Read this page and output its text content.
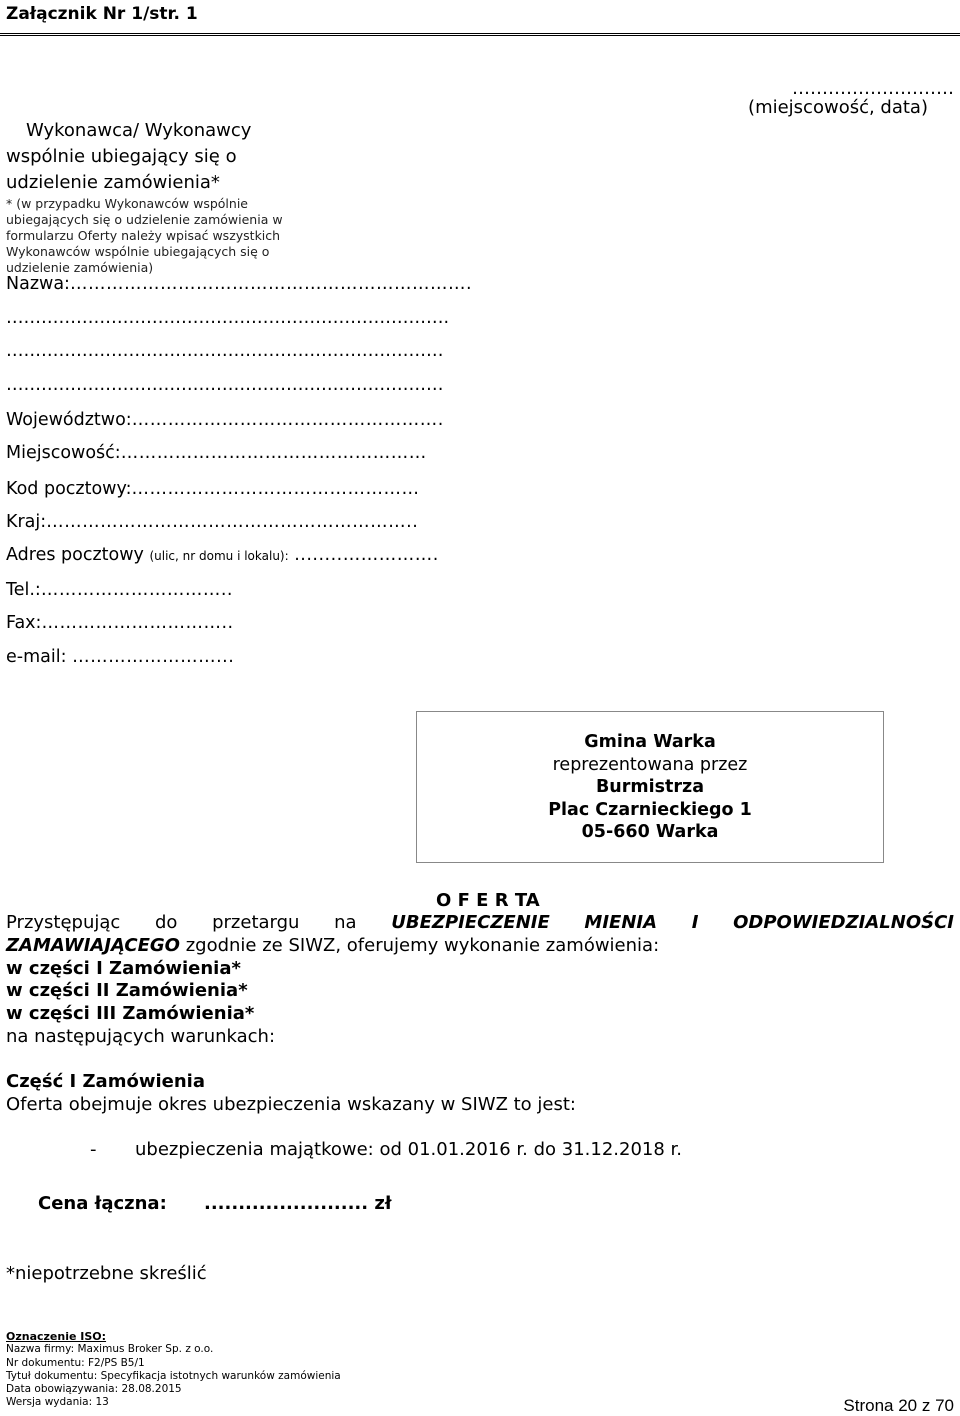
Załącznik Nr 1/str. 1

Wykonawca/ Wykonawcy wspólnie ubiegający się o udzielenie zamówienia*

* (w przypadku Wykonawców wspólnie ubiegających się o udzielenie zamówienia w formularzu Oferty należy wpisać wszystkich Wykonawców wspólnie ubiegających się o udzielenie zamówienia)

………………………
(miejscowość, data)
Nazwa:………………………………………………………….
………………………………………………………………….
…………………………………………………………………
…………………………………………………………………
Województwo:…………………………………………….
Miejscowość:……………………………………………
Kod pocztowy:…………………………………………
Kraj:……………………………………………………..
Adres pocztowy (ulic, nr domu i lokalu): ........…………….
Tel.:…………………………..
Fax:…………………………..
e-mail: ……………………...
Gmina Warka
reprezentowana przez
Burmistrza
Plac Czarnieckiego 1
05-660 Warka
O F E R TA
Przystępując do przetargu na UBEZPIECZENIE MIENIA I ODPOWIEDZIALNOŚCI
ZAMAWIAJĄCEGO zgodnie ze SIWZ, oferujemy wykonanie zamówienia:
w części I Zamówienia*
w części II Zamówienia*
w części III Zamówienia*
na następujących warunkach:
Część I Zamówienia
Oferta obejmuje okres ubezpieczenia wskazany w SIWZ to jest:
- ubezpieczenia majątkowe: od 01.01.2016 r. do 31.12.2018 r.
Cena łączna: ........................ zł
*niepotrzebne skreślić
Oznaczenie ISO:
Nazwa firmy: Maximus Broker Sp. z o.o.
Nr dokumentu: F2/PS B5/1
Tytuł dokumentu: Specyfikacja istotnych warunków zamówienia
Data obowiązywania: 28.08.2015
Wersja wydania: 13	Strona 20 z 70
